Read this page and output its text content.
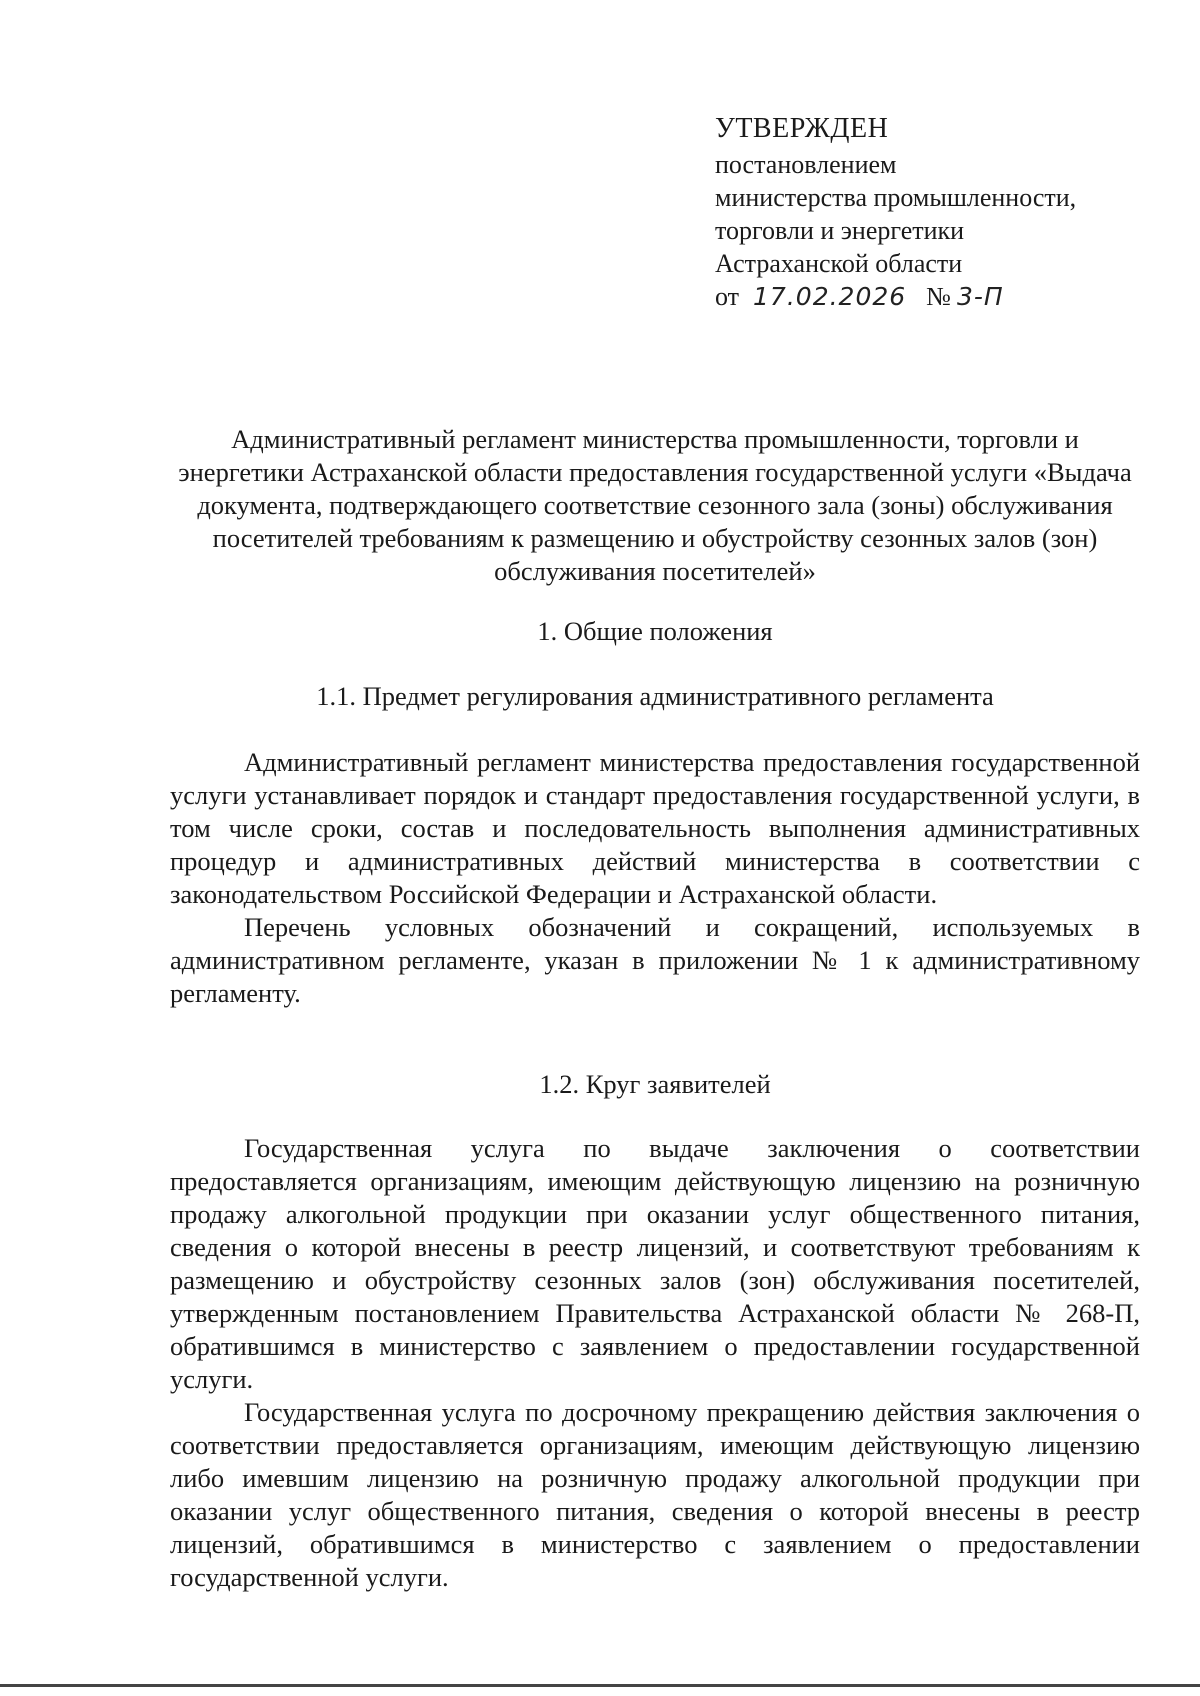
УТВЕРЖДЕН
постановлением
министерства промышленности,
торговли и энергетики
Астраханской области
от 17.02.2026 № 3-П
Административный регламент министерства промышленности, торговли и энергетики Астраханской области предоставления государственной услуги «Выдача документа, подтверждающего соответствие сезонного зала (зоны) обслуживания посетителей требованиям к размещению и обустройству сезонных залов (зон) обслуживания посетителей»
1. Общие положения
1.1. Предмет регулирования административного регламента

Административный регламент министерства предоставления государственной услуги устанавливает порядок и стандарт предоставления государственной услуги, в том числе сроки, состав и последовательность выполнения административных процедур и административных действий министерства в соответствии с законодательством Российской Федерации и Астраханской области.

Перечень условных обозначений и сокращений, используемых в административном регламенте, указан в приложении № 1 к административному регламенту.

1.2. Круг заявителей

Государственная услуга по выдаче заключения о соответствии предоставляется организациям, имеющим действующую лицензию на розничную продажу алкогольной продукции при оказании услуг общественного питания, сведения о которой внесены в реестр лицензий, и соответствуют требованиям к размещению и обустройству сезонных залов (зон) обслуживания посетителей, утвержденным постановлением Правительства Астраханской области № 268-П, обратившимся в министерство с заявлением о предоставлении государственной услуги.

Государственная услуга по досрочному прекращению действия заключения о соответствии предоставляется организациям, имеющим действующую лицензию либо имевшим лицензию на розничную продажу алкогольной продукции при оказании услуг общественного питания, сведения о которой внесены в реестр лицензий, обратившимся в министерство с заявлением о предоставлении государственной услуги.
